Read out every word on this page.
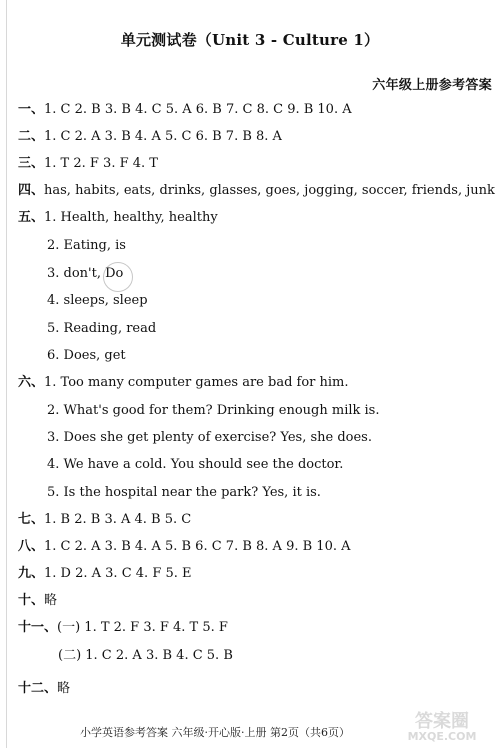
单元测试卷（Unit 3 - Culture 1）
六年级上册参考答案
一、1. C 2. B 3. B 4. C 5. A 6. B 7. C 8. C 9. B 10. A
二、1. C 2. A 3. B 4. A 5. C 6. B 7. B 8. A
三、1. T 2. F 3. F 4. T
四、has, habits, eats, drinks, glasses, goes, jogging, soccer, friends, junk
五、1. Health, healthy, healthy
2. Eating, is
3. don't, Do
4. sleeps, sleep
5. Reading, read
6. Does, get
六、1. Too many computer games are bad for him.
2. What's good for them? Drinking enough milk is.
3. Does she get plenty of exercise? Yes, she does.
4. We have a cold. You should see the doctor.
5. Is the hospital near the park? Yes, it is.
七、1. B 2. B 3. A 4. B 5. C
八、1. C 2. A 3. B 4. A 5. B 6. C 7. B 8. A 9. B 10. A
九、1. D 2. A 3. C 4. F 5. E
十、略
十一、(一) 1. T 2. F 3. F 4. T 5. F
(二) 1. C 2. A 3. B 4. C 5. B
十二、略
小学英语参考答案 六年级·开心版·上册 第2页（共6页）
答案圈
MXQE.COM
